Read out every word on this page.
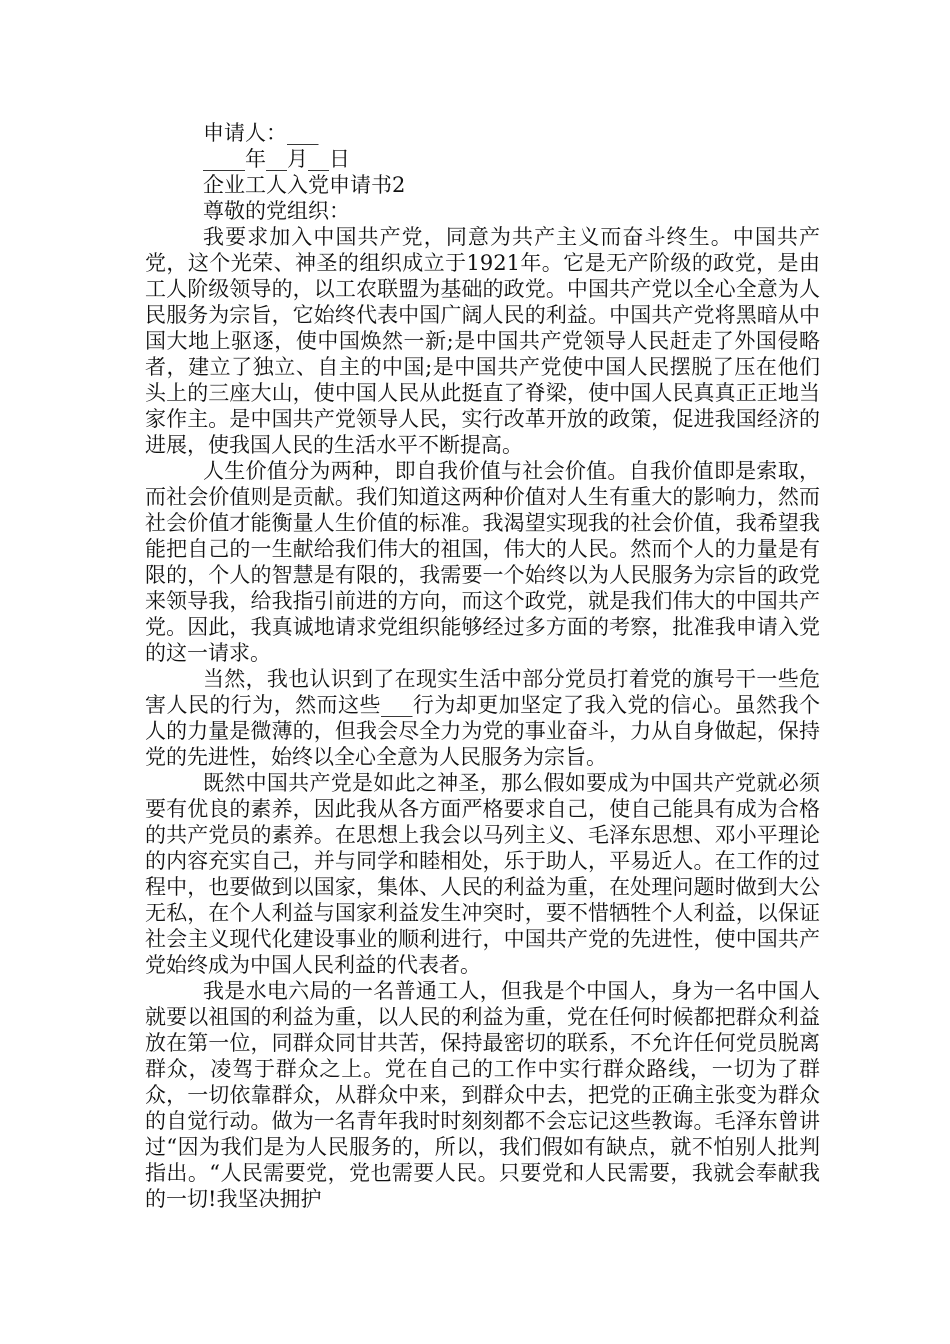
申请人：___

____年__月__日

企业工人入党申请书2

尊敬的党组织：

我要求加入中国共产党，同意为共产主义而奋斗终生。中国共产党，这个光荣、神圣的组织成立于1921年。它是无产阶级的政党，是由工人阶级领导的，以工农联盟为基础的政党。中国共产党以全心全意为人民服务为宗旨，它始终代表中国广阔人民的利益。中国共产党将黑暗从中国大地上驱逐，使中国焕然一新;是中国共产党领导人民赶走了外国侵略者，建立了独立、自主的中国;是中国共产党使中国人民摆脱了压在他们头上的三座大山，使中国人民从此挺直了脊梁，使中国人民真真正正地当家作主。是中国共产党领导人民，实行改革开放的政策，促进我国经济的进展，使我国人民的生活水平不断提高。

人生价值分为两种，即自我价值与社会价值。自我价值即是索取，而社会价值则是贡献。我们知道这两种价值对人生有重大的影响力，然而社会价值才能衡量人生价值的标准。我渴望实现我的社会价值，我希望我能把自己的一生献给我们伟大的祖国，伟大的人民。然而个人的力量是有限的，个人的智慧是有限的，我需要一个始终以为人民服务为宗旨的政党来领导我，给我指引前进的方向，而这个政党，就是我们伟大的中国共产党。因此，我真诚地请求党组织能够经过多方面的考察，批准我申请入党的这一请求。

当然，我也认识到了在现实生活中部分党员打着党的旗号干一些危害人民的行为，然而这些___行为却更加坚定了我入党的信心。虽然我个人的力量是微薄的，但我会尽全力为党的事业奋斗，力从自身做起，保持党的先进性，始终以全心全意为人民服务为宗旨。

既然中国共产党是如此之神圣，那么假如要成为中国共产党就必须要有优良的素养，因此我从各方面严格要求自己，使自己能具有成为合格的共产党员的素养。在思想上我会以马列主义、毛泽东思想、邓小平理论的内容充实自己，并与同学和睦相处，乐于助人，平易近人。在工作的过程中，也要做到以国家，集体、人民的利益为重，在处理问题时做到大公无私，在个人利益与国家利益发生冲突时，要不惜牺牲个人利益，以保证社会主义现代化建设事业的顺利进行，中国共产党的先进性，使中国共产党始终成为中国人民利益的代表者。

我是水电六局的一名普通工人，但我是个中国人，身为一名中国人就要以祖国的利益为重，以人民的利益为重，党在任何时候都把群众利益放在第一位，同群众同甘共苦，保持最密切的联系，不允许任何党员脱离群众，凌驾于群众之上。党在自己的工作中实行群众路线，一切为了群众，一切依靠群众，从群众中来，到群众中去，把党的正确主张变为群众的自觉行动。做为一名青年我时时刻刻都不会忘记这些教诲。毛泽东曾讲过“因为我们是为人民服务的，所以，我们假如有缺点，就不怕别人批判指出。“人民需要党，党也需要人民。只要党和人民需要，我就会奉献我的一切!我坚决拥护
